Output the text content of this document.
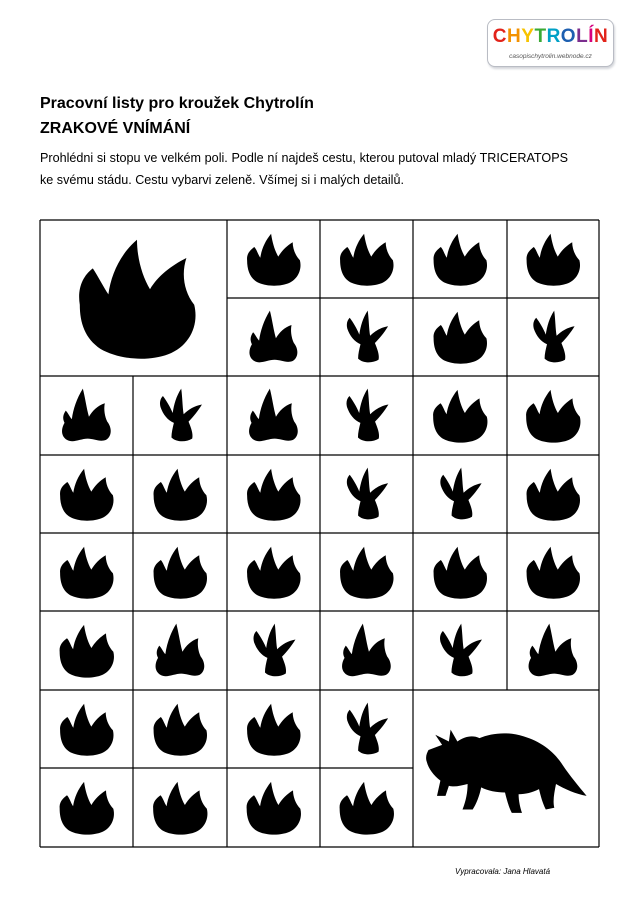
CHYTROLÍN
casopischytrolin.webnode.cz
Pracovní listy pro kroužek Chytrolín
ZRAKOVÉ VNÍMÁNÍ
Prohlédni si stopu ve velkém poli. Podle ní najdeš cestu, kterou putoval mladý TRICERATOPS ke svému stádu. Cestu vybarvi zeleně. Všímej si i malých detailů.
Vypracovala: Jana Hlavatá
